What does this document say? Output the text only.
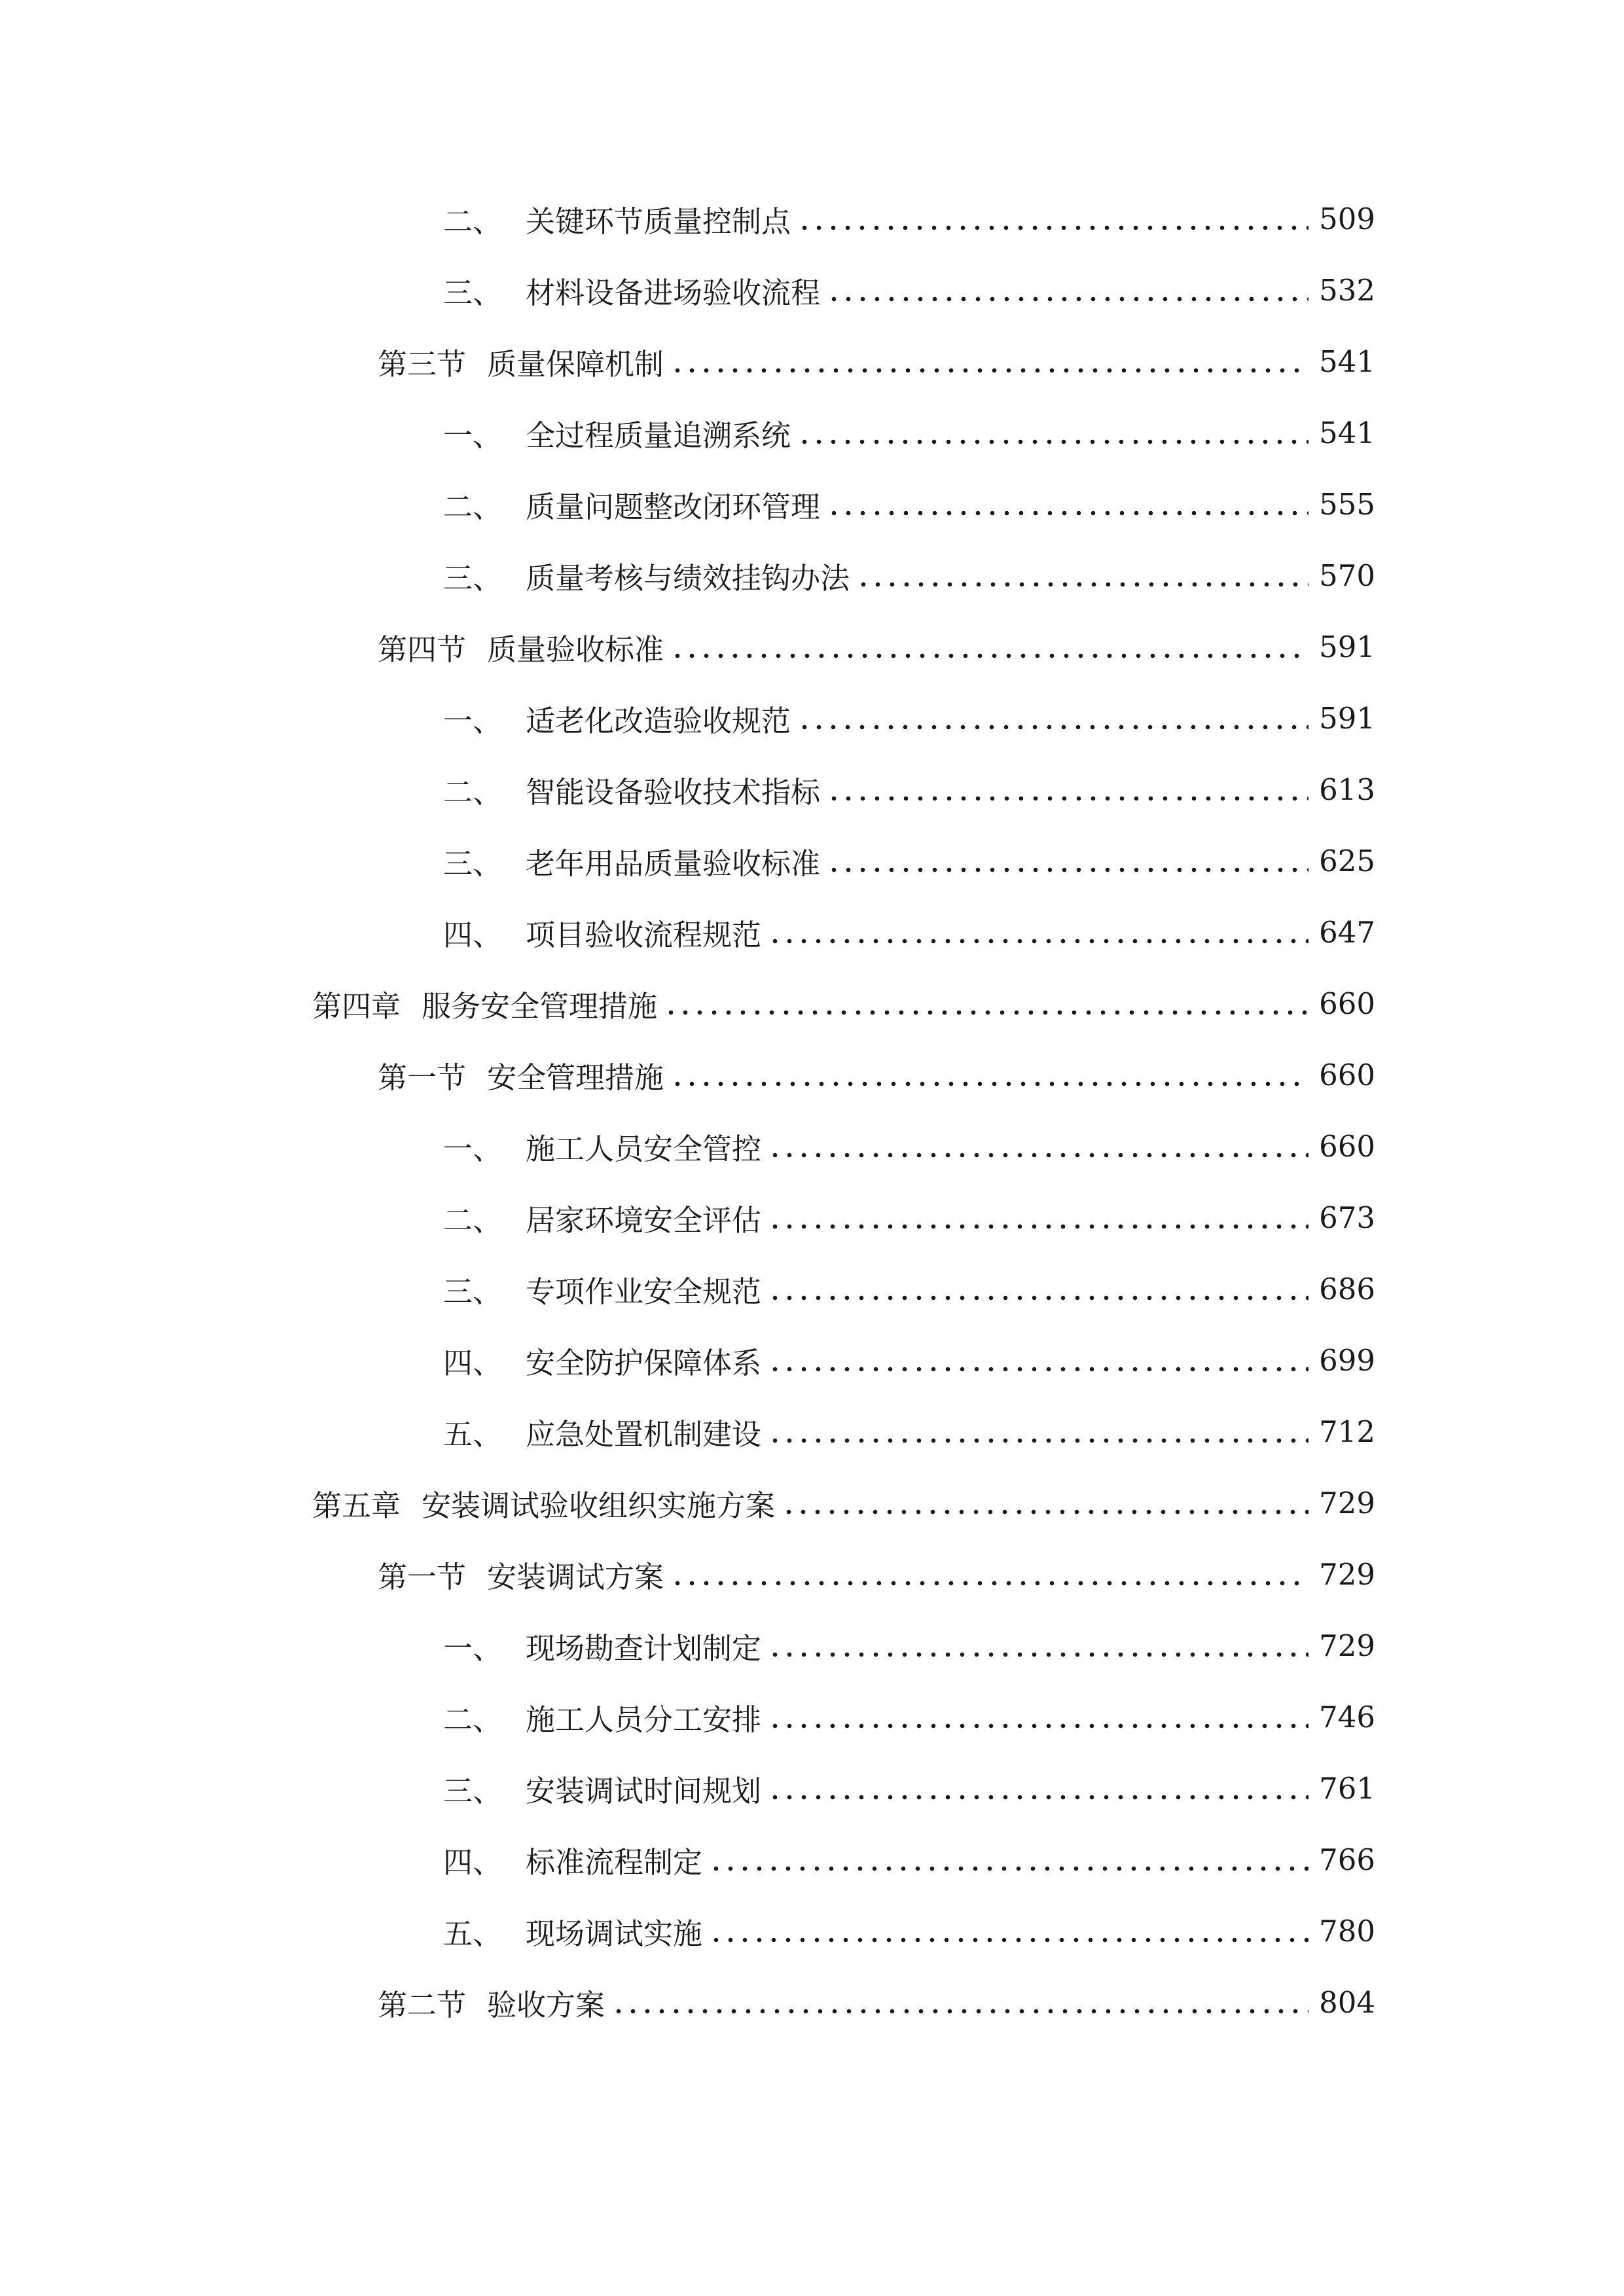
二、 关键环节质量控制点	509
三、 材料设备进场验收流程	532
第三节 质量保障机制	541
一、 全过程质量追溯系统	541
二、 质量问题整改闭环管理	555
三、 质量考核与绩效挂钩办法	570
第四节 质量验收标准	591
一、 适老化改造验收规范	591
二、 智能设备验收技术指标	613
三、 老年用品质量验收标准	625
四、 项目验收流程规范	647
第四章 服务安全管理措施	660
第一节 安全管理措施	660
一、 施工人员安全管控	660
二、 居家环境安全评估	673
三、 专项作业安全规范	686
四、 安全防护保障体系	699
五、 应急处置机制建设	712
第五章 安装调试验收组织实施方案	729
第一节 安装调试方案	729
一、 现场勘查计划制定	729
二、 施工人员分工安排	746
三、 安装调试时间规划	761
四、 标准流程制定	766
五、 现场调试实施	780
第二节 验收方案	804
